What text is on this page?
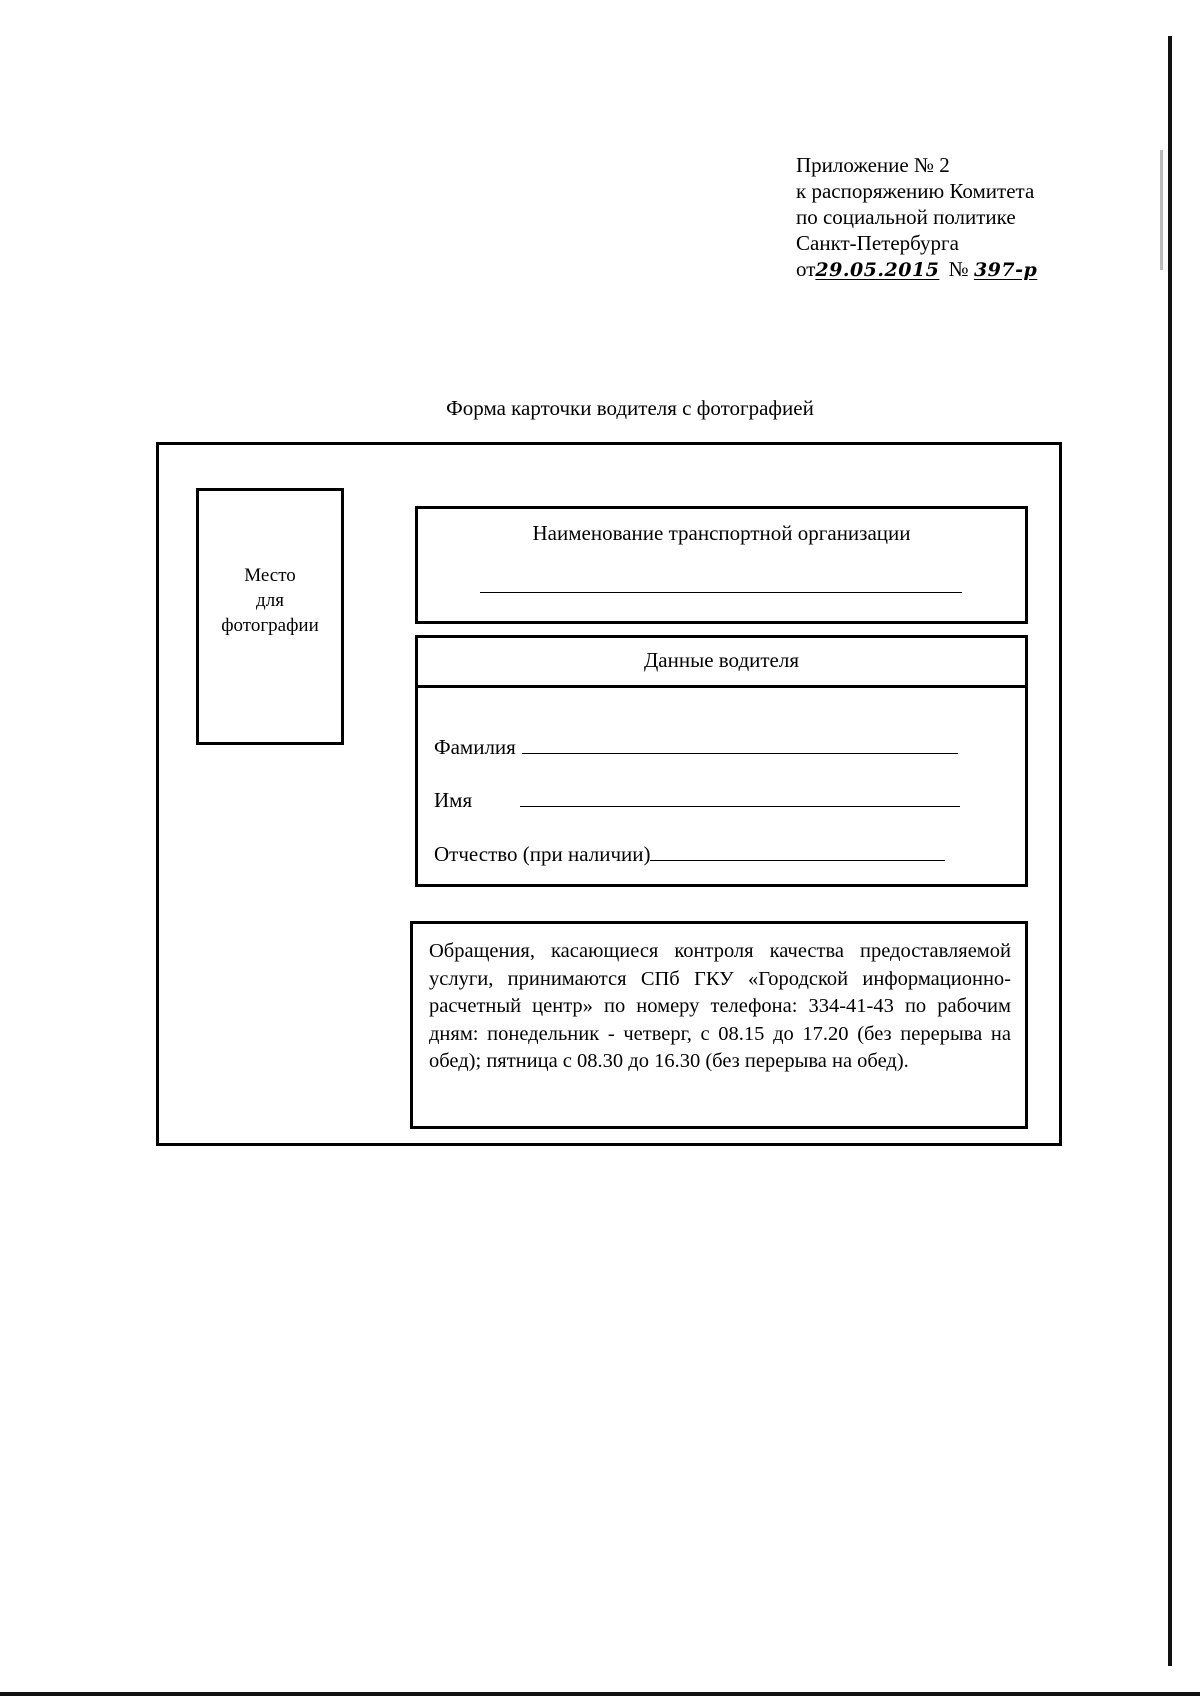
Приложение № 2
к распоряжению Комитета
по социальной политике
Санкт-Петербурга
от29.05.2015 № 397-р
Форма карточки водителя с фотографией
Место
для
фотографии
Наименование транспортной организации
Данные водителя
Фамилия
Имя
Отчество (при наличии)
Обращения, касающиеся контроля качества предоставляемой услуги, принимаются СПб ГКУ «Городской информационно-расчетный центр» по номеру телефона: 334-41-43 по рабочим дням: понедельник - четверг, с 08.15 до 17.20 (без перерыва на обед); пятница с 08.30 до 16.30 (без перерыва на обед).
